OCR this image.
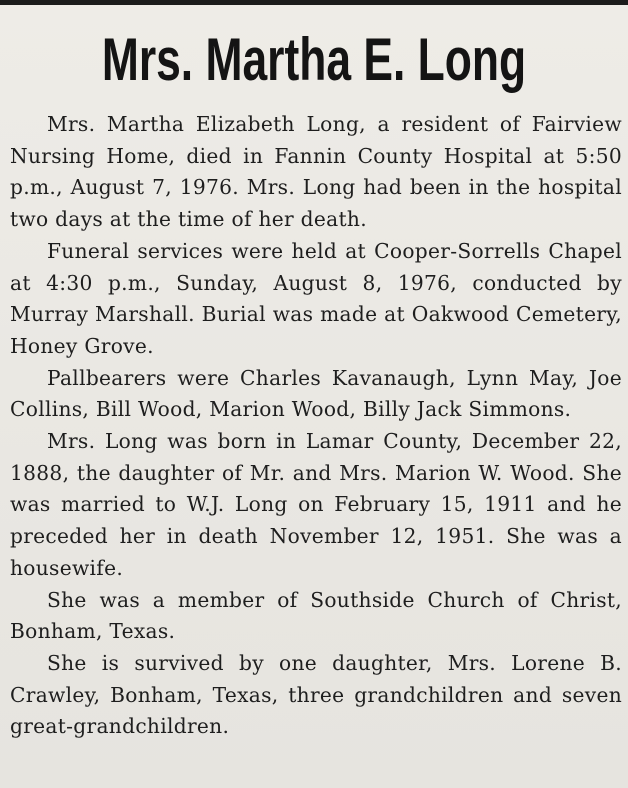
Mrs. Martha E. Long

Mrs. Martha Elizabeth Long, a resident of Fairview Nursing Home, died in Fannin County Hospital at 5:50 p.m., August 7, 1976. Mrs. Long had been in the hospital two days at the time of her death.

Funeral services were held at Cooper-Sorrells Chapel at 4:30 p.m., Sunday, August 8, 1976, conducted by Murray Marshall. Burial was made at Oakwood Cemetery, Honey Grove.

Pallbearers were Charles Kavanaugh, Lynn May, Joe Collins, Bill Wood, Marion Wood, Billy Jack Simmons.

Mrs. Long was born in Lamar County, December 22, 1888, the daughter of Mr. and Mrs. Marion W. Wood. She was married to W.J. Long on February 15, 1911 and he preceded her in death November 12, 1951. She was a housewife.

She was a member of Southside Church of Christ, Bonham, Texas.

She is survived by one daughter, Mrs. Lorene B. Crawley, Bonham, Texas, three grandchildren and seven great-grandchildren.
